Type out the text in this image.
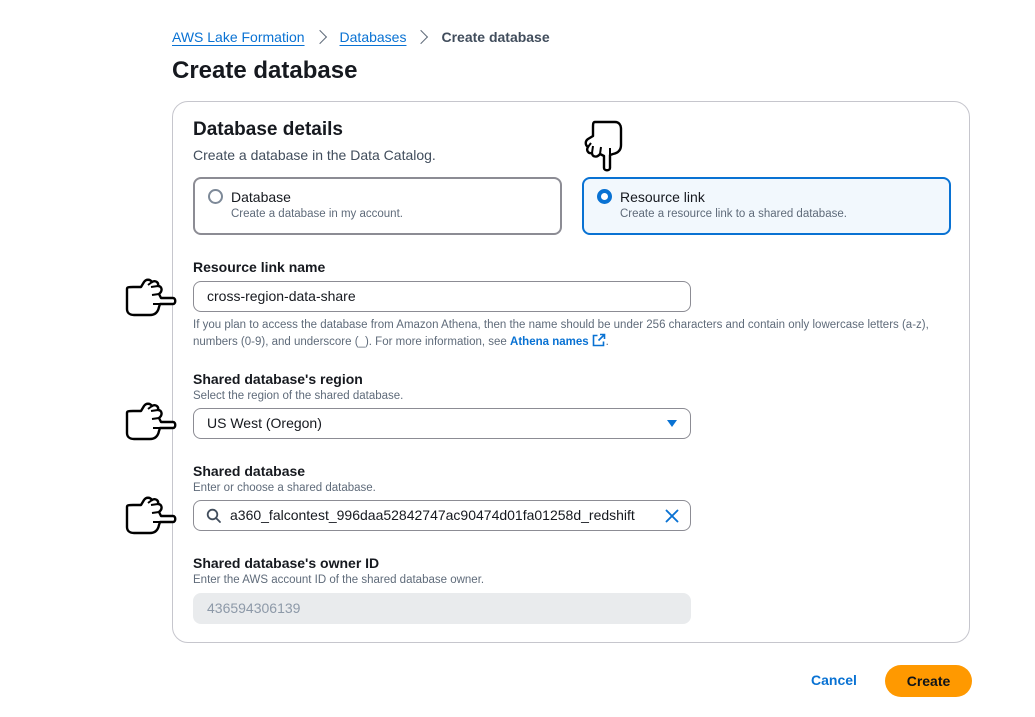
AWS Lake Formation	Databases	Create database
Create database
Database details
Create a database in the Data Catalog.
Database
Create a database in my account.
Resource link
Create a resource link to a shared database.
Resource link name
cross-region-data-share
If you plan to access the database from Amazon Athena, then the name should be under 256 characters and contain only lowercase letters (a-z), numbers (0-9), and underscore (_). For more information, see Athena names .
Shared database's region
Select the region of the shared database.
US West (Oregon)
Shared database
Enter or choose a shared database.
a360_falcontest_996daa52842747ac90474d01fa01258d_redshift
Shared database's owner ID
Enter the AWS account ID of the shared database owner.
436594306139
Cancel	Create
